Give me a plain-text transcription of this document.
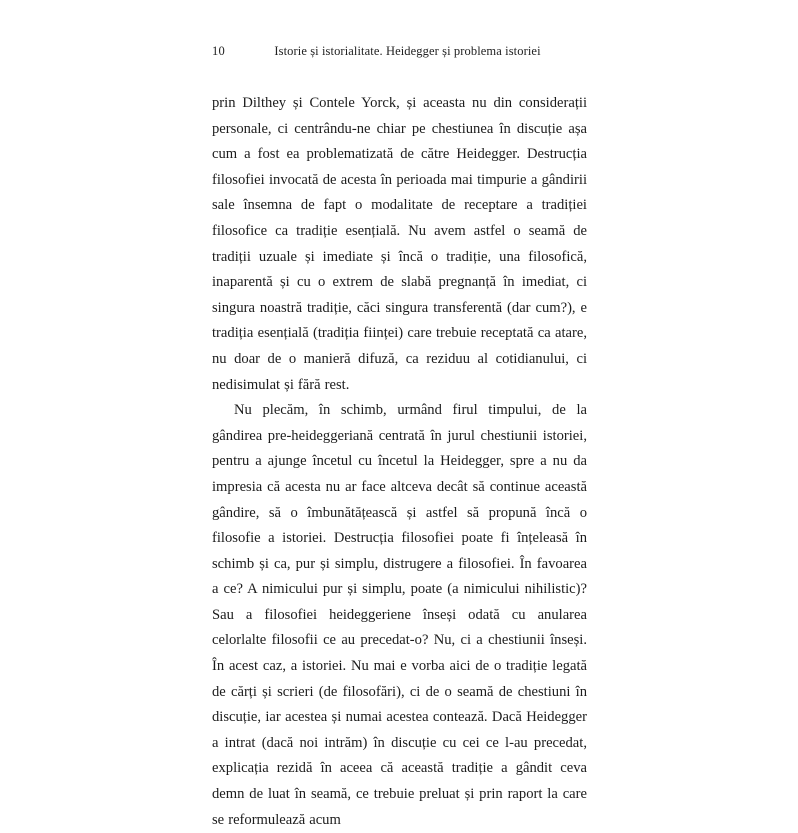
10	Istorie și istorialitate. Heidegger și problema istoriei

prin Dilthey și Contele Yorck, și aceasta nu din considerații personale, ci centrându-ne chiar pe chestiunea în discuție așa cum a fost ea problematizată de către Heidegger. Destrucția filosofiei invocată de acesta în perioada mai timpurie a gândirii sale însemna de fapt o modalitate de receptare a tradiției filosofice ca tradiție esențială. Nu avem astfel o seamă de tradiții uzuale și imediate și încă o tradiție, una filosofică, inaparentă și cu o extrem de slabă pregnanță în imediat, ci singura noastră tradiție, căci singura transferentă (dar cum?), e tradiția esențială (tradiția ființei) care trebuie receptată ca atare, nu doar de o manieră difuză, ca reziduu al cotidianului, ci nedisimulat și fără rest.

Nu plecăm, în schimb, urmând firul timpului, de la gândirea pre-heideggeriană centrată în jurul chestiunii istoriei, pentru a ajunge încetul cu încetul la Heidegger, spre a nu da impresia că acesta nu ar face altceva decât să continue această gândire, să o îmbunătățească și astfel să propună încă o filosofie a istoriei. Destrucția filosofiei poate fi înțeleasă în schimb și ca, pur și simplu, distrugere a filosofiei. În favoarea a ce? A nimicului pur și simplu, poate (a nimicului nihilistic)? Sau a filosofiei heideggeriene înseși odată cu anularea celorlalte filosofii ce au precedat-o? Nu, ci a chestiunii înseși. În acest caz, a istoriei. Nu mai e vorba aici de o tradiție legată de cărți și scrieri (de filosofări), ci de o seamă de chestiuni în discuție, iar acestea și numai acestea contează. Dacă Heidegger a intrat (dacă noi intrăm) în discuție cu cei ce l-au precedat, explicația rezidă în aceea că această tradiție a gândit ceva demn de luat în seamă, ce trebuie preluat și prin raport la care se reformulează acum
